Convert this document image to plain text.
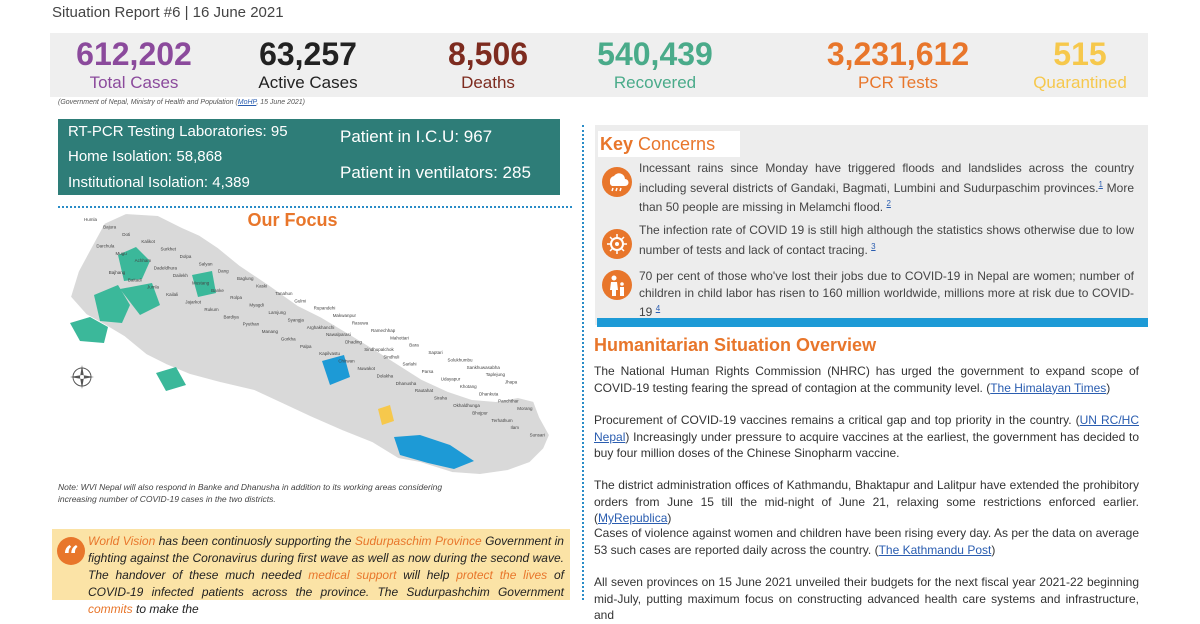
Situation Report #6 | 16 June 2021
612,202
Total Cases
63,257
Active Cases
8,506
Deaths
540,439
Recovered
3,231,612
PCR Tests
515
Quarantined
(Government of Nepal, Ministry of Health and Population (MoHP, 15 June 2021)
RT-PCR Testing Laboratories: 95
Home Isolation: 58,868
Institutional Isolation: 4,389
Patient in I.C.U: 967
Patient in ventilators: 285
Our Focus
Humla
Darchula
Bajhang
Bajura
Mugu
Baitadi
Doti
Achham
Jumla
Kalikot
Dadeldhura
Kailali
Surkhet
Dailekh
Jajarkot
Dolpa
Mustang
Rukum
Salyan
Banke
Bardiya
Dang
Rolpa
Pyuthan
Baglung
Myagdi
Manang
Kaski
Lamjung
Gorkha
Tanahun
Syangja
Palpa
Gulmi
Arghakhanchi
Kapilvastu
Rupandehi
Nawalparasi
Chitwan
Makwanpur
Dhading
Nuwakot
Rasuwa
Sindhupalchok
Dolakha
Ramechhap
Sindhuli
Dhanusha
Mahottari
Sarlahi
Rautahat
Bara
Parsa
Siraha
Saptari
Udayapur
Okhaldhunga
Solukhumbu
Khotang
Bhojpur
Sankhuwasabha
Dhankuta
Terhathum
Taplejung
Panchthar
Ilam
Jhapa
Morang
Sunsari
Note: WVI Nepal will also respond in Banke and Dhanusha in addition to its working areas considering increasing number of COVID-19 cases in the two districts.
“ World Vision has been continuosly supporting the Sudurpaschim Province Government in fighting against the Coronavirus during first wave as well as now during the second wave. The handover of these much needed medical support will help protect the lives of COVID-19 infected patients across the province. The Sudurpashchim Government commits to make the
Key Concerns
Incessant rains since Monday have triggered floods and landslides across the country including several districts of Gandaki, Bagmati, Lumbini and Sudurpaschim provinces.$^1$ More than 50 people are missing in Melamchi flood. $^2$
The infection rate of COVID 19 is still high although the statistics shows otherwise due to low number of tests and lack of contact tracing. $^3$
70 per cent of those who've lost their jobs due to COVID-19 in Nepal are women; number of children in child labor has risen to 160 million worldwide, millions more at risk due to COVID-19 $^4$
Humanitarian Situation Overview
The National Human Rights Commission (NHRC) has urged the government to expand scope of COVID-19 testing fearing the spread of contagion at the community level. (The Himalayan Times)
Procurement of COVID-19 vaccines remains a critical gap and top priority in the country. (UN RC/HC Nepal) Increasingly under pressure to acquire vaccines at the earliest, the government has decided to buy four million doses of the Chinese Sinopharm vaccine.
The district administration offices of Kathmandu, Bhaktapur and Lalitpur have extended the prohibitory orders from June 15 till the mid-night of June 21, relaxing some restrictions enforced earlier. (MyRepublica)
Cases of violence against women and children have been rising every day. As per the data on average 53 such cases are reported daily across the country. (The Kathmandu Post)
All seven provinces on 15 June 2021 unveiled their budgets for the next fiscal year 2021-22 beginning mid-July, putting maximum focus on constructing advanced health care systems and infrastructure, and
